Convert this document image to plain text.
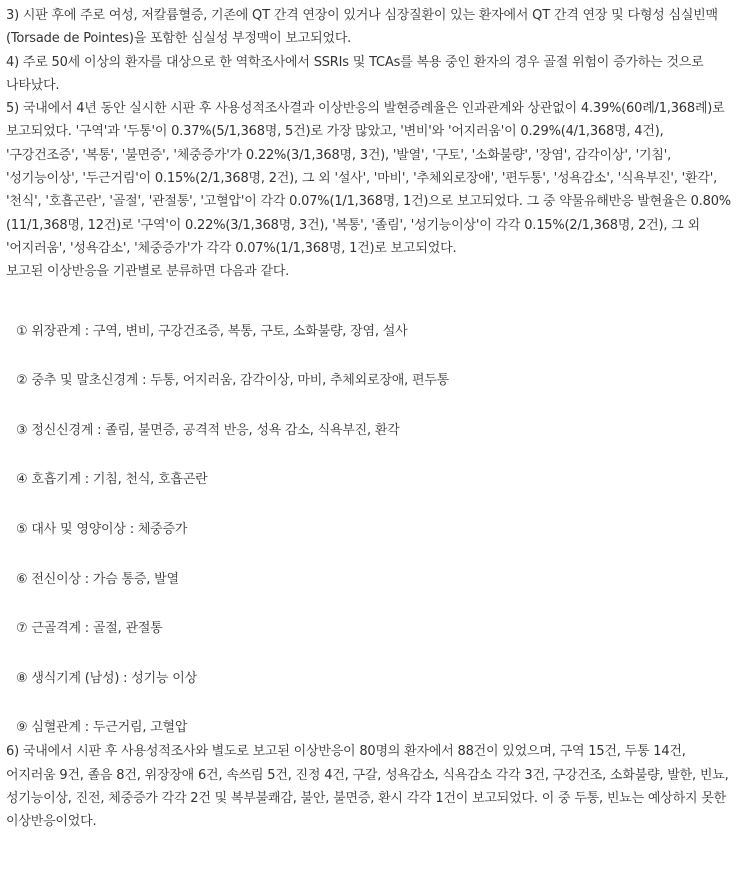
3) 시판 후에 주로 여성, 저칼륨혈증, 기존에 QT 간격 연장이 있거나 심장질환이 있는 환자에서 QT 간격 연장 및 다형성 심실빈맥(Torsade de Pointes)을 포함한 심실성 부정맥이 보고되었다.

4) 주로 50세 이상의 환자를 대상으로 한 역학조사에서 SSRIs 및 TCAs를 복용 중인 환자의 경우 골절 위험이 증가하는 것으로 나타났다.

5) 국내에서 4년 동안 실시한 시판 후 사용성적조사결과 이상반응의 발현증례율은 인과관계와 상관없이 4.39%(60례/1,368례)로 보고되었다. '구역'과 '두통'이 0.37%(5/1,368명, 5건)로 가장 많았고, '변비'와 '어지러움'이 0.29%(4/1,368명, 4건), '구강건조증', '복통', '불면증', '체중증가'가 0.22%(3/1,368명, 3건), '발열', '구토', '소화불량', '장염', 감각이상', '기침', '성기능이상', '두근거림'이 0.15%(2/1,368명, 2건), 그 외 '설사', '마비', '추체외로장애', '편두통', '성욕감소', '식욕부진', '환각', '천식', '호흡곤란', '골절', '관절통', '고혈압'이 각각 0.07%(1/1,368명, 1건)으로 보고되었다. 그 중 약물유해반응 발현율은 0.80%(11/1,368명, 12건)로 '구역'이 0.22%(3/1,368명, 3건), '복통', '졸림', '성기능이상'이 각각 0.15%(2/1,368명, 2건), 그 외 '어지러움', '성욕감소', '체중증가'가 각각 0.07%(1/1,368명, 1건)로 보고되었다.

보고된 이상반응을 기관별로 분류하면 다음과 같다.

① 위장관계 : 구역, 변비, 구강건조증, 복통, 구토, 소화불량, 장염, 설사
② 중추 및 말초신경계 : 두통, 어지러움, 감각이상, 마비, 추체외로장애, 편두통
③ 정신신경계 : 졸림, 불면증, 공격적 반응, 성욕 감소, 식욕부진, 환각
④ 호흡기계 : 기침, 천식, 호흡곤란
⑤ 대사 및 영양이상 : 체중증가
⑥ 전신이상 : 가슴 통증, 발열
⑦ 근골격계 : 골절, 관절통
⑧ 생식기계 (남성) : 성기능 이상
⑨ 심혈관계 : 두근거림, 고혈압

6) 국내에서 시판 후 사용성적조사와 별도로 보고된 이상반응이 80명의 환자에서 88건이 있었으며, 구역 15건, 두통 14건, 어지러움 9건, 졸음 8건, 위장장애 6건, 속쓰림 5건, 진정 4건, 구갈, 성욕감소, 식욕감소 각각 3건, 구강건조, 소화불량, 발한, 빈뇨, 성기능이상, 진전, 체중증가 각각 2건 및 복부불쾌감, 불안, 불면증, 환시 각각 1건이 보고되었다. 이 중 두통, 빈뇨는 예상하지 못한 이상반응이었다.
